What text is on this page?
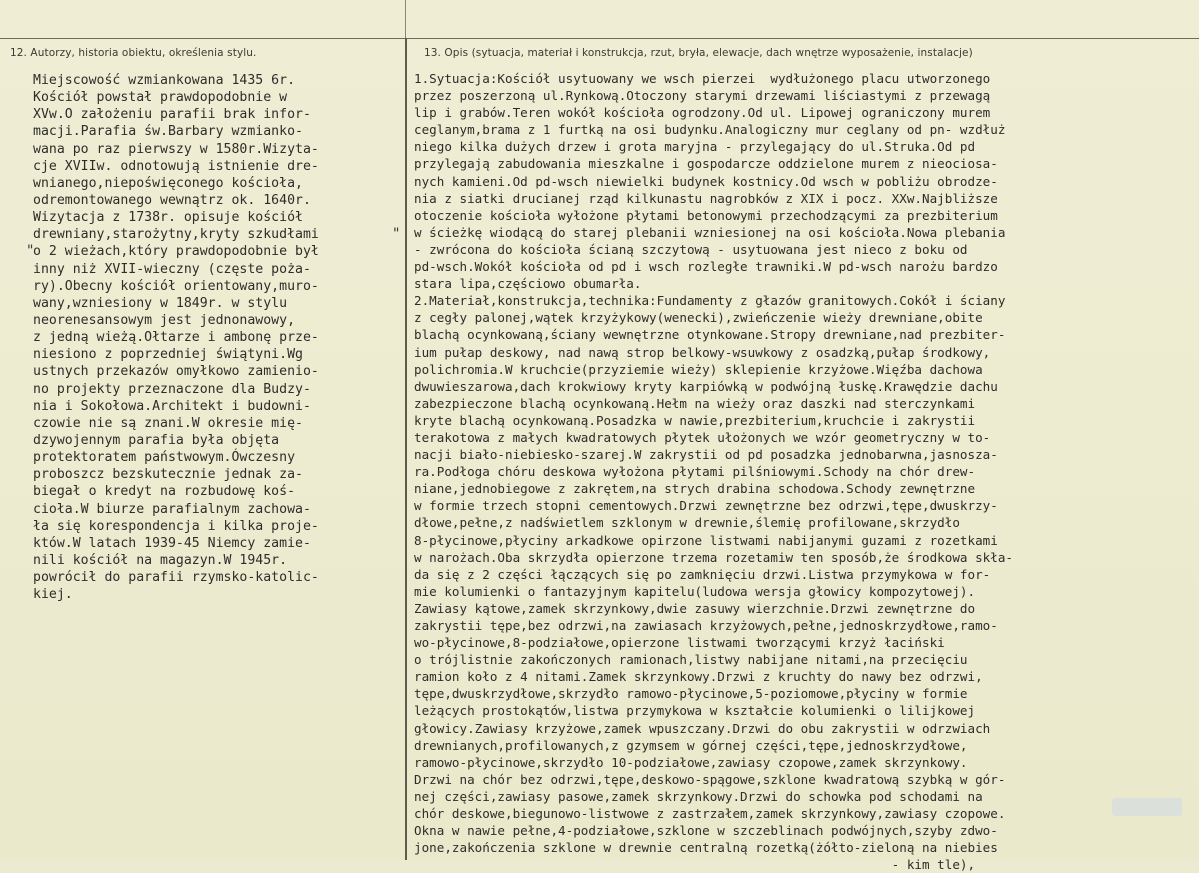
12. Autorzy, historia obiektu, określenia stylu.	13. Opis (sytuacja, materiał i konstrukcja, rzut, bryła, elewacje, dach wnętrze wyposażenie, instalacje)
"
"
Miejscowość wzmiankowana 1435 6r.
Kościół powstał prawdopodobnie w
XVw.O założeniu parafii brak infor-
macji.Parafia św.Barbary wzmianko-
wana po raz pierwszy w 1580r.Wizyta-
cje XVIIw. odnotowują istnienie dre-
wnianego,niepoświęconego kościoła,
odremontowanego wewnątrz ok. 1640r.
Wizytacja z 1738r. opisuje kościół
drewniany,starożytny,kryty szkudłami
o 2 wieżach,który prawdopodobnie był
inny niż XVII-wieczny (częste poża-
ry).Obecny kościół orientowany,muro-
wany,wzniesiony w 1849r. w stylu
neorenesansowym jest jednonawowy,
z jedną wieżą.Ołtarze i ambonę prze-
niesiono z poprzedniej świątyni.Wg
ustnych przekazów omyłkowo zamienio-
no projekty przeznaczone dla Budzy-
nia i Sokołowa.Architekt i budowni-
czowie nie są znani.W okresie mię-
dzywojennym parafia była objęta
protektoratem państwowym.Ówczesny
proboszcz bezskutecznie jednak za-
biegał o kredyt na rozbudowę koś-
cioła.W biurze parafialnym zachowa-
ła się korespondencja i kilka proje-
któw.W latach 1939-45 Niemcy zamie-
nili kościół na magazyn.W 1945r.
powrócił do parafii rzymsko-katolic-
kiej.
1.Sytuacja:Kościół usytuowany we wsch pierzei  wydłużonego placu utworzonego
przez poszerzoną ul.Rynkową.Otoczony starymi drzewami liściastymi z przewagą
lip i grabów.Teren wokół kościoła ogrodzony.Od ul. Lipowej ograniczony murem
ceglanym,brama z 1 furtką na osi budynku.Analogiczny mur ceglany od pn- wzdłuż
niego kilka dużych drzew i grota maryjna - przylegający do ul.Struka.Od pd
przylegają zabudowania mieszkalne i gospodarcze oddzielone murem z nieociosa-
nych kamieni.Od pd-wsch niewielki budynek kostnicy.Od wsch w pobliżu obrodze-
nia z siatki drucianej rząd kilkunastu nagrobków z XIX i pocz. XXw.Najbliższe
otoczenie kościoła wyłożone płytami betonowymi przechodzącymi za prezbiterium
w ścieżkę wiodącą do starej plebanii wzniesionej na osi kościoła.Nowa plebania
- zwrócona do kościoła ścianą szczytową - usytuowana jest nieco z boku od
pd-wsch.Wokół kościoła od pd i wsch rozległe trawniki.W pd-wsch narożu bardzo
stara lipa,częściowo obumarła.
2.Materiał,konstrukcja,technika:Fundamenty z głazów granitowych.Cokół i ściany
z cegły palonej,wątek krzyżykowy(wenecki),zwieńczenie wieży drewniane,obite
blachą ocynkowaną,ściany wewnętrzne otynkowane.Stropy drewniane,nad prezbiter-
ium pułap deskowy, nad nawą strop belkowy-wsuwkowy z osadzką,pułap środkowy,
polichromia.W kruchcie(przyziemie wieży) sklepienie krzyżowe.Więźba dachowa
dwuwieszarowa,dach krokwiowy kryty karpiówką w podwójną łuskę.Krawędzie dachu
zabezpieczone blachą ocynkowaną.Hełm na wieży oraz daszki nad sterczynkami
kryte blachą ocynkowaną.Posadzka w nawie,prezbiterium,kruchcie i zakrystii
terakotowa z małych kwadratowych płytek ułożonych we wzór geometryczny w to-
nacji biało-niebiesko-szarej.W zakrystii od pd posadzka jednobarwna,jasnosza-
ra.Podłoga chóru deskowa wyłożona płytami pilśniowymi.Schody na chór drew-
niane,jednobiegowe z zakrętem,na strych drabina schodowa.Schody zewnętrzne
w formie trzech stopni cementowych.Drzwi zewnętrzne bez odrzwi,tępe,dwuskrzy-
dłowe,pełne,z nadświetlem szklonym w drewnie,ślemię profilowane,skrzydło
8-płycinowe,płyciny arkadkowe opirzone listwami nabijanymi guzami z rozetkami
w narożach.Oba skrzydła opierzone trzema rozetamiw ten sposób,że środkowa skła-
da się z 2 części łączących się po zamknięciu drzwi.Listwa przymykowa w for-
mie kolumienki o fantazyjnym kapitelu(ludowa wersja głowicy kompozytowej).
Zawiasy kątowe,zamek skrzynkowy,dwie zasuwy wierzchnie.Drzwi zewnętrzne do
zakrystii tępe,bez odrzwi,na zawiasach krzyżowych,pełne,jednoskrzydłowe,ramo-
wo-płycinowe,8-podziałowe,opierzone listwami tworzącymi krzyż łaciński
o trójlistnie zakończonych ramionach,listwy nabijane nitami,na przecięciu
ramion koło z 4 nitami.Zamek skrzynkowy.Drzwi z kruchty do nawy bez odrzwi,
tępe,dwuskrzydłowe,skrzydło ramowo-płycinowe,5-poziomowe,płyciny w formie
leżących prostokątów,listwa przymykowa w kształcie kolumienki o lilijkowej
głowicy.Zawiasy krzyżowe,zamek wpuszczany.Drzwi do obu zakrystii w odrzwiach
drewnianych,profilowanych,z gzymsem w górnej części,tępe,jednoskrzydłowe,
ramowo-płycinowe,skrzydło 10-podziałowe,zawiasy czopowe,zamek skrzynkowy.
Drzwi na chór bez odrzwi,tępe,deskowo-spągowe,szklone kwadratową szybką w gór-
nej części,zawiasy pasowe,zamek skrzynkowy.Drzwi do schowka pod schodami na
chór deskowe,biegunowo-listwowe z zastrzałem,zamek skrzynkowy,zawiasy czopowe.
Okna w nawie pełne,4-podziałowe,szklone w szczeblinach podwójnych,szyby zdwo-
jone,zakończenia szklone w drewnie centralną rozetką(żółto-zieloną na niebies
- kim tle),
